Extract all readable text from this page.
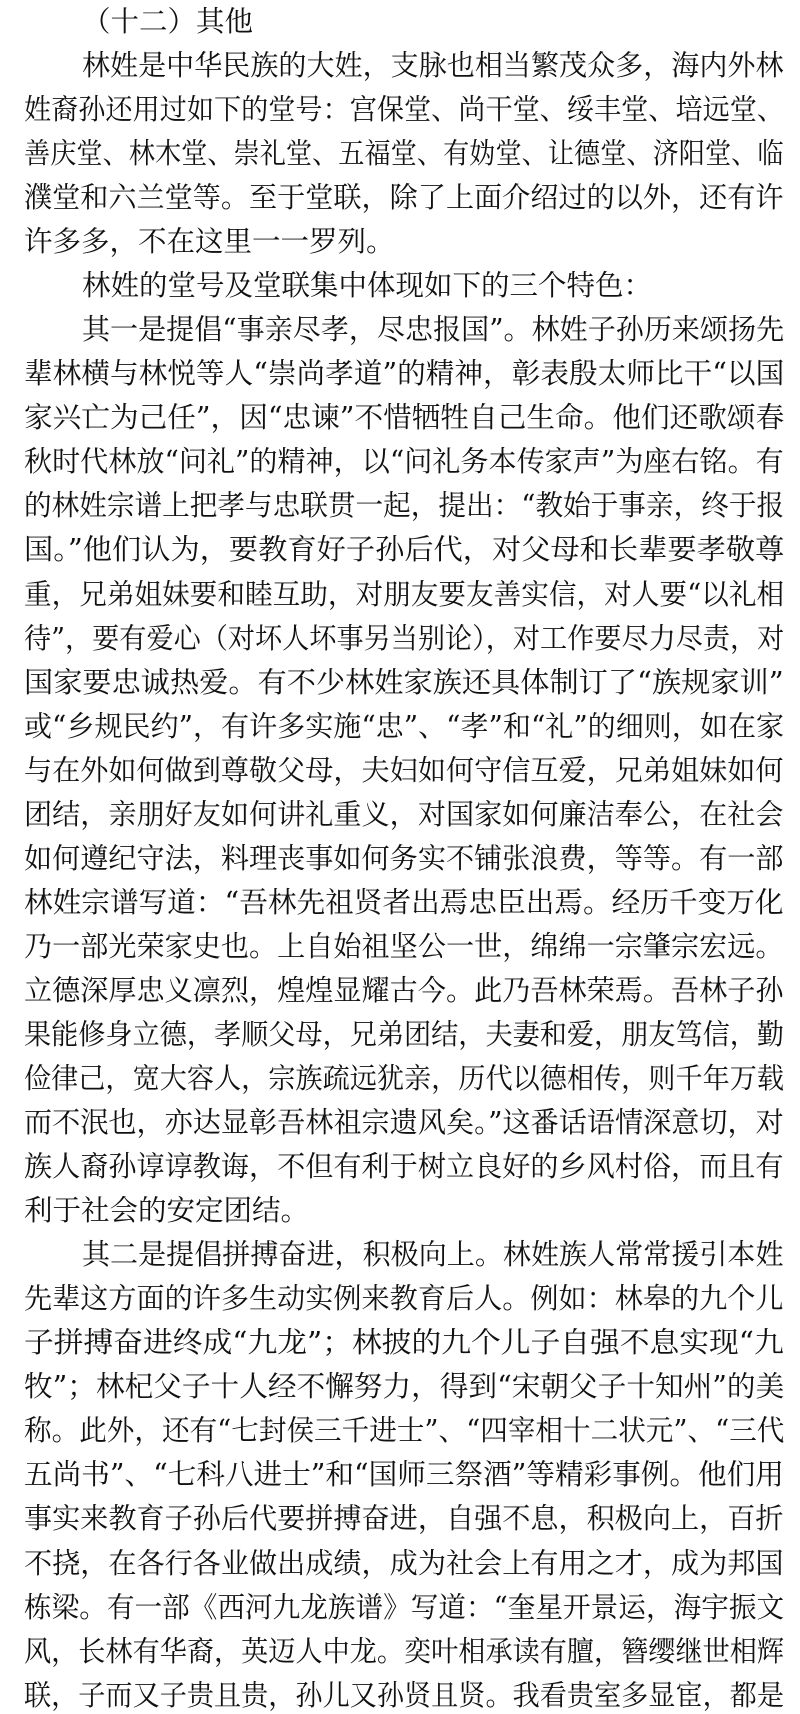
（十二）其他
林姓是中华民族的大姓，支脉也相当繁茂众多，海内外林
姓裔孙还用过如下的堂号：宫保堂、尚干堂、绥丰堂、培远堂、
善庆堂、林木堂、崇礼堂、五福堂、有妫堂、让德堂、济阳堂、临
濮堂和六兰堂等。至于堂联，除了上面介绍过的以外，还有许
许多多，不在这里一一罗列。
林姓的堂号及堂联集中体现如下的三个特色：
其一是提倡“事亲尽孝，尽忠报国”。林姓子孙历来颂扬先
辈林横与林悦等人“崇尚孝道”的精神，彰表殷太师比干“以国
家兴亡为己任”，因“忠谏”不惜牺牲自己生命。他们还歌颂春
秋时代林放“问礼”的精神，以“问礼务本传家声”为座右铭。有
的林姓宗谱上把孝与忠联贯一起，提出：“教始于事亲，终于报
国。”他们认为，要教育好子孙后代，对父母和长辈要孝敬尊
重，兄弟姐妹要和睦互助，对朋友要友善实信，对人要“以礼相
待”，要有爱心（对坏人坏事另当别论），对工作要尽力尽责，对
国家要忠诚热爱。有不少林姓家族还具体制订了“族规家训”
或“乡规民约”，有许多实施“忠”、“孝”和“礼”的细则，如在家
与在外如何做到尊敬父母，夫妇如何守信互爱，兄弟姐妹如何
团结，亲朋好友如何讲礼重义，对国家如何廉洁奉公，在社会
如何遵纪守法，料理丧事如何务实不铺张浪费，等等。有一部
林姓宗谱写道：“吾林先祖贤者出焉忠臣出焉。经历千变万化
乃一部光荣家史也。上自始祖坚公一世，绵绵一宗肇宗宏远。
立德深厚忠义凛烈，煌煌显耀古今。此乃吾林荣焉。吾林子孙
果能修身立德，孝顺父母，兄弟团结，夫妻和爱，朋友笃信，勤
俭律己，宽大容人，宗族疏远犹亲，历代以德相传，则千年万载
而不泯也，亦达显彰吾林祖宗遗风矣。”这番话语情深意切，对
族人裔孙谆谆教诲，不但有利于树立良好的乡风村俗，而且有
利于社会的安定团结。
其二是提倡拼搏奋进，积极向上。林姓族人常常援引本姓
先辈这方面的许多生动实例来教育后人。例如：林皋的九个儿
子拼搏奋进终成“九龙”；林披的九个儿子自强不息实现“九
牧”；林杞父子十人经不懈努力，得到“宋朝父子十知州”的美
称。此外，还有“七封侯三千进士”、“四宰相十二状元”、“三代
五尚书”、“七科八进士”和“国师三祭酒”等精彩事例。他们用
事实来教育子孙后代要拼搏奋进，自强不息，积极向上，百折
不挠，在各行各业做出成绩，成为社会上有用之才，成为邦国
栋梁。有一部《西河九龙族谱》写道：“奎星开景运，海宇振文
风，长林有华裔，英迈人中龙。奕叶相承读有膻，簪缨继世相辉
联，子而又子贵且贵，孙儿又孙贤且贤。我看贵室多显宦，都是
